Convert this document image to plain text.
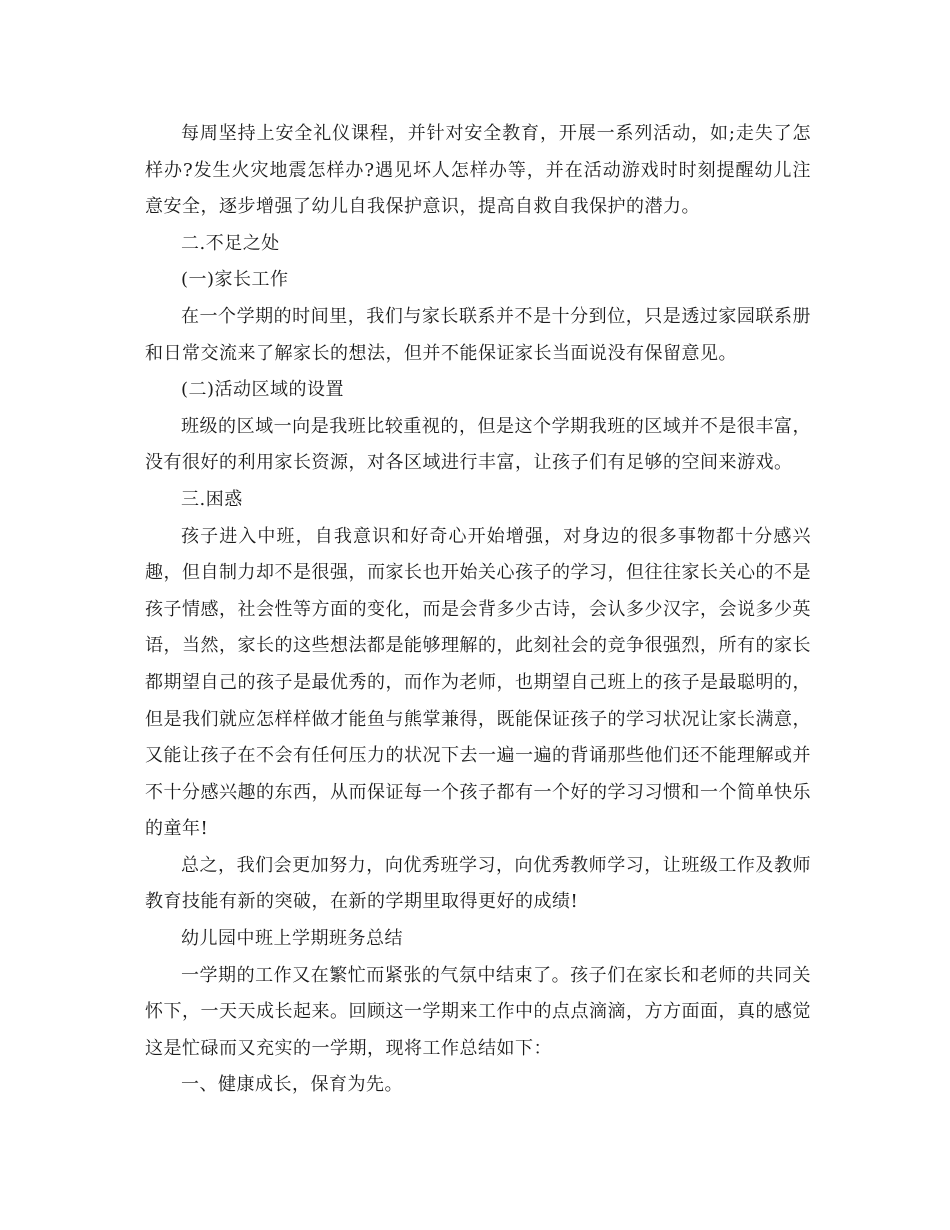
每周坚持上安全礼仪课程，并针对安全教育，开展一系列活动，如;走失了怎样办?发生火灾地震怎样办?遇见坏人怎样办等，并在活动游戏时时刻提醒幼儿注意安全，逐步增强了幼儿自我保护意识，提高自救自我保护的潜力。

二.不足之处

(一)家长工作

在一个学期的时间里，我们与家长联系并不是十分到位，只是透过家园联系册和日常交流来了解家长的想法，但并不能保证家长当面说没有保留意见。

(二)活动区域的设置

班级的区域一向是我班比较重视的，但是这个学期我班的区域并不是很丰富，没有很好的利用家长资源，对各区域进行丰富，让孩子们有足够的空间来游戏。

三.困惑

孩子进入中班，自我意识和好奇心开始增强，对身边的很多事物都十分感兴趣，但自制力却不是很强，而家长也开始关心孩子的学习，但往往家长关心的不是孩子情感，社会性等方面的变化，而是会背多少古诗，会认多少汉字，会说多少英语，当然，家长的这些想法都是能够理解的，此刻社会的竞争很强烈，所有的家长都期望自己的孩子是最优秀的，而作为老师，也期望自己班上的孩子是最聪明的，但是我们就应怎样样做才能鱼与熊掌兼得，既能保证孩子的学习状况让家长满意，又能让孩子在不会有任何压力的状况下去一遍一遍的背诵那些他们还不能理解或并不十分感兴趣的东西，从而保证每一个孩子都有一个好的学习习惯和一个简单快乐的童年!

总之，我们会更加努力，向优秀班学习，向优秀教师学习，让班级工作及教师教育技能有新的突破，在新的学期里取得更好的成绩!

幼儿园中班上学期班务总结

一学期的工作又在繁忙而紧张的气氛中结束了。孩子们在家长和老师的共同关怀下，一天天成长起来。回顾这一学期来工作中的点点滴滴，方方面面，真的感觉这是忙碌而又充实的一学期，现将工作总结如下：

一、健康成长，保育为先。
